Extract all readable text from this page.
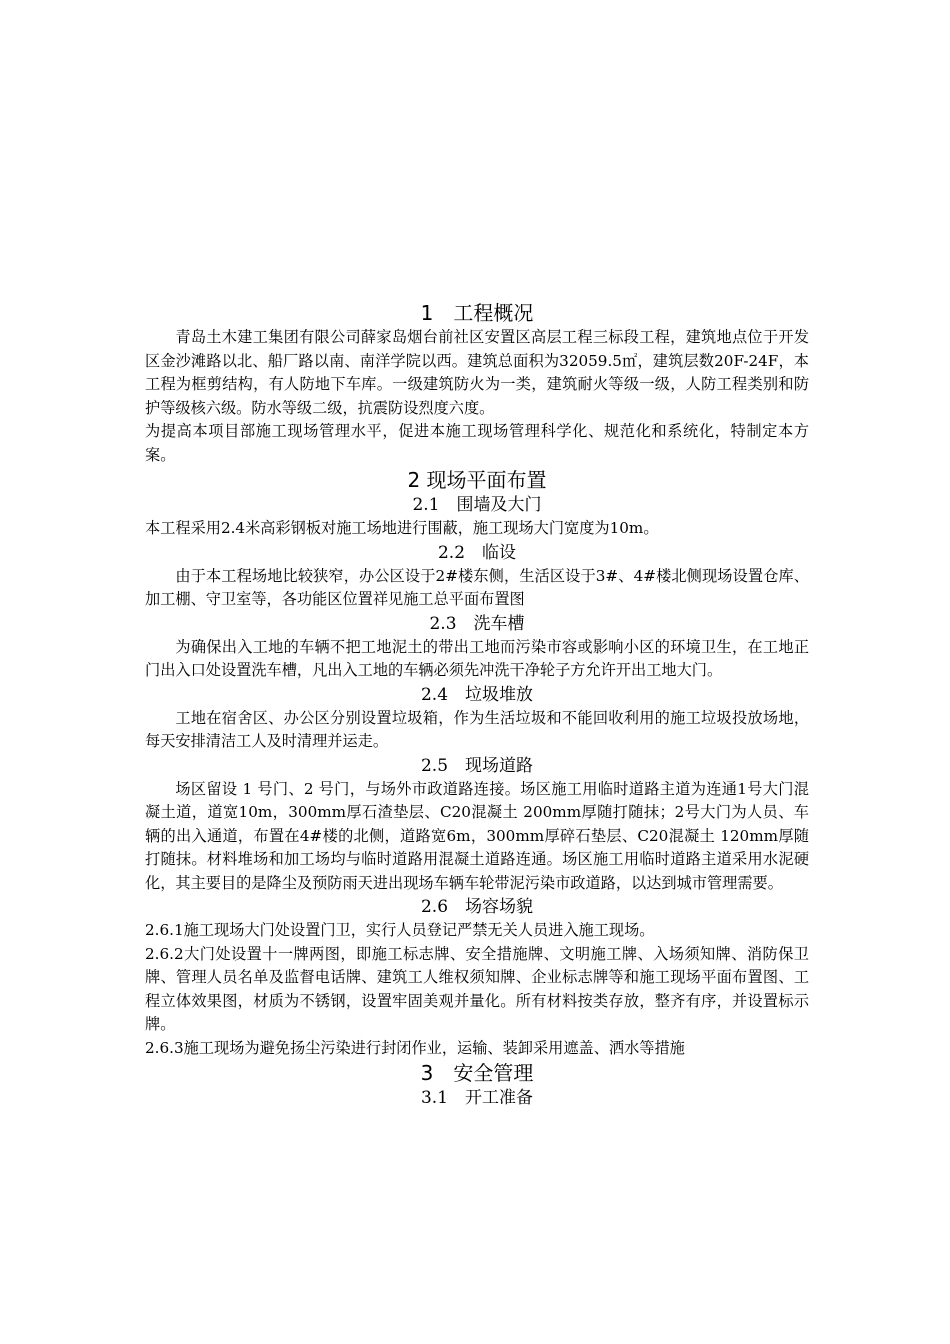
1　工程概况

青岛土木建工集团有限公司薛家岛烟台前社区安置区高层工程三标段工程，建筑地点位于开发区金沙滩路以北、船厂路以南、南洋学院以西。建筑总面积为32059.5㎡，建筑层数20F-24F，本工程为框剪结构，有人防地下车库。一级建筑防火为一类，建筑耐火等级一级，人防工程类别和防护等级核六级。防水等级二级，抗震防设烈度六度。

为提高本项目部施工现场管理水平，促进本施工现场管理科学化、规范化和系统化，特制定本方案。

2 现场平面布置
2.1　围墙及大门

本工程采用2.4米高彩钢板对施工场地进行围蔽，施工现场大门宽度为10m。

2.2　临设

由于本工程场地比较狭窄，办公区设于2#楼东侧，生活区设于3#、4#楼北侧现场设置仓库、加工棚、守卫室等，各功能区位置祥见施工总平面布置图

2.3　洗车槽

为确保出入工地的车辆不把工地泥土的带出工地而污染市容或影响小区的环境卫生，在工地正门出入口处设置洗车槽，凡出入工地的车辆必须先冲洗干净轮子方允许开出工地大门。

2.4　垃圾堆放

工地在宿舍区、办公区分别设置垃圾箱，作为生活垃圾和不能回收利用的施工垃圾投放场地，每天安排清洁工人及时清理并运走。

2.5　现场道路

场区留设 1 号门、2 号门，与场外市政道路连接。场区施工用临时道路主道为连通1号大门混凝土道，道宽10m，300mm厚石渣垫层、C20混凝土 200mm厚随打随抹；2号大门为人员、车辆的出入通道，布置在4#楼的北侧，道路宽6m，300mm厚碎石垫层、C20混凝土 120mm厚随打随抹。材料堆场和加工场均与临时道路用混凝土道路连通。场区施工用临时道路主道采用水泥硬化，其主要目的是降尘及预防雨天进出现场车辆车轮带泥污染市政道路，以达到城市管理需要。

2.6　场容场貌

2.6.1施工现场大门处设置门卫，实行人员登记严禁无关人员进入施工现场。

2.6.2大门处设置十一牌两图，即施工标志牌、安全措施牌、文明施工牌、入场须知牌、消防保卫牌、管理人员名单及监督电话牌、建筑工人维权须知牌、企业标志牌等和施工现场平面布置图、工程立体效果图，材质为不锈钢，设置牢固美观并量化。所有材料按类存放，整齐有序，并设置标示牌。

2.6.3施工现场为避免扬尘污染进行封闭作业，运输、装卸采用遮盖、洒水等措施

3　安全管理
3.1　开工准备
